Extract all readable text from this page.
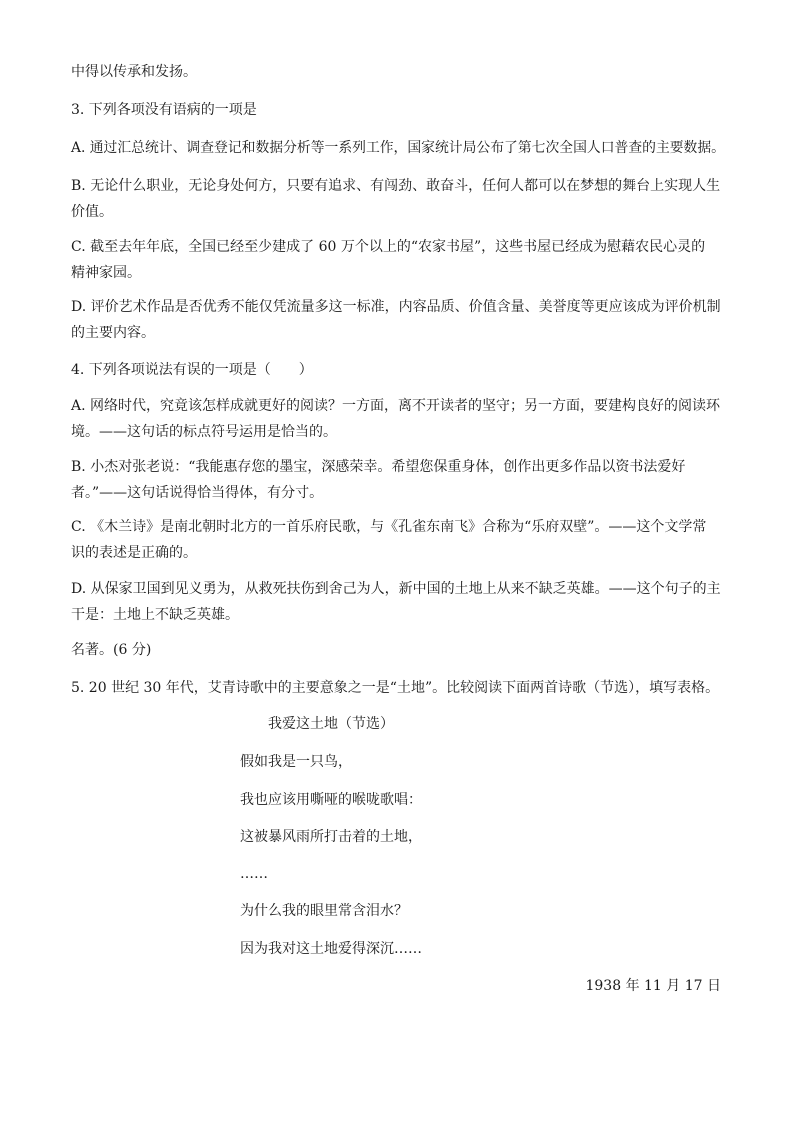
中得以传承和发扬。
3. 下列各项没有语病的一项是
A. 通过汇总统计、调查登记和数据分析等一系列工作，国家统计局公布了第七次全国人口普查的主要数据。
B. 无论什么职业，无论身处何方，只要有追求、有闯劲、敢奋斗，任何人都可以在梦想的舞台上实现人生
价值。
C. 截至去年年底，全国已经至少建成了 60 万个以上的“农家书屋”，这些书屋已经成为慰藉农民心灵的
精神家园。
D. 评价艺术作品是否优秀不能仅凭流量多这一标准，内容品质、价值含量、美誉度等更应该成为评价机制
的主要内容。
4. 下列各项说法有误的一项是（　　）
A. 网络时代，究竟该怎样成就更好的阅读？一方面，离不开读者的坚守；另一方面，要建构良好的阅读环
境。——这句话的标点符号运用是恰当的。
B. 小杰对张老说：“我能惠存您的墨宝，深感荣幸。希望您保重身体，创作出更多作品以资书法爱好
者。”——这句话说得恰当得体，有分寸。
C. 《木兰诗》是南北朝时北方的一首乐府民歌，与《孔雀东南飞》合称为“乐府双壁”。——这个文学常
识的表述是正确的。
D. 从保家卫国到见义勇为，从救死扶伤到舍己为人，新中国的土地上从来不缺乏英雄。——这个句子的主
干是：土地上不缺乏英雄。
名著。(6 分)
5. 20 世纪 30 年代，艾青诗歌中的主要意象之一是“土地”。比较阅读下面两首诗歌（节选），填写表格。
我爱这土地（节选）
假如我是一只鸟，
我也应该用嘶哑的喉咙歌唱：
这被暴风雨所打击着的土地，
……
为什么我的眼里常含泪水？
因为我对这土地爱得深沉……
1938 年 11 月 17 日
